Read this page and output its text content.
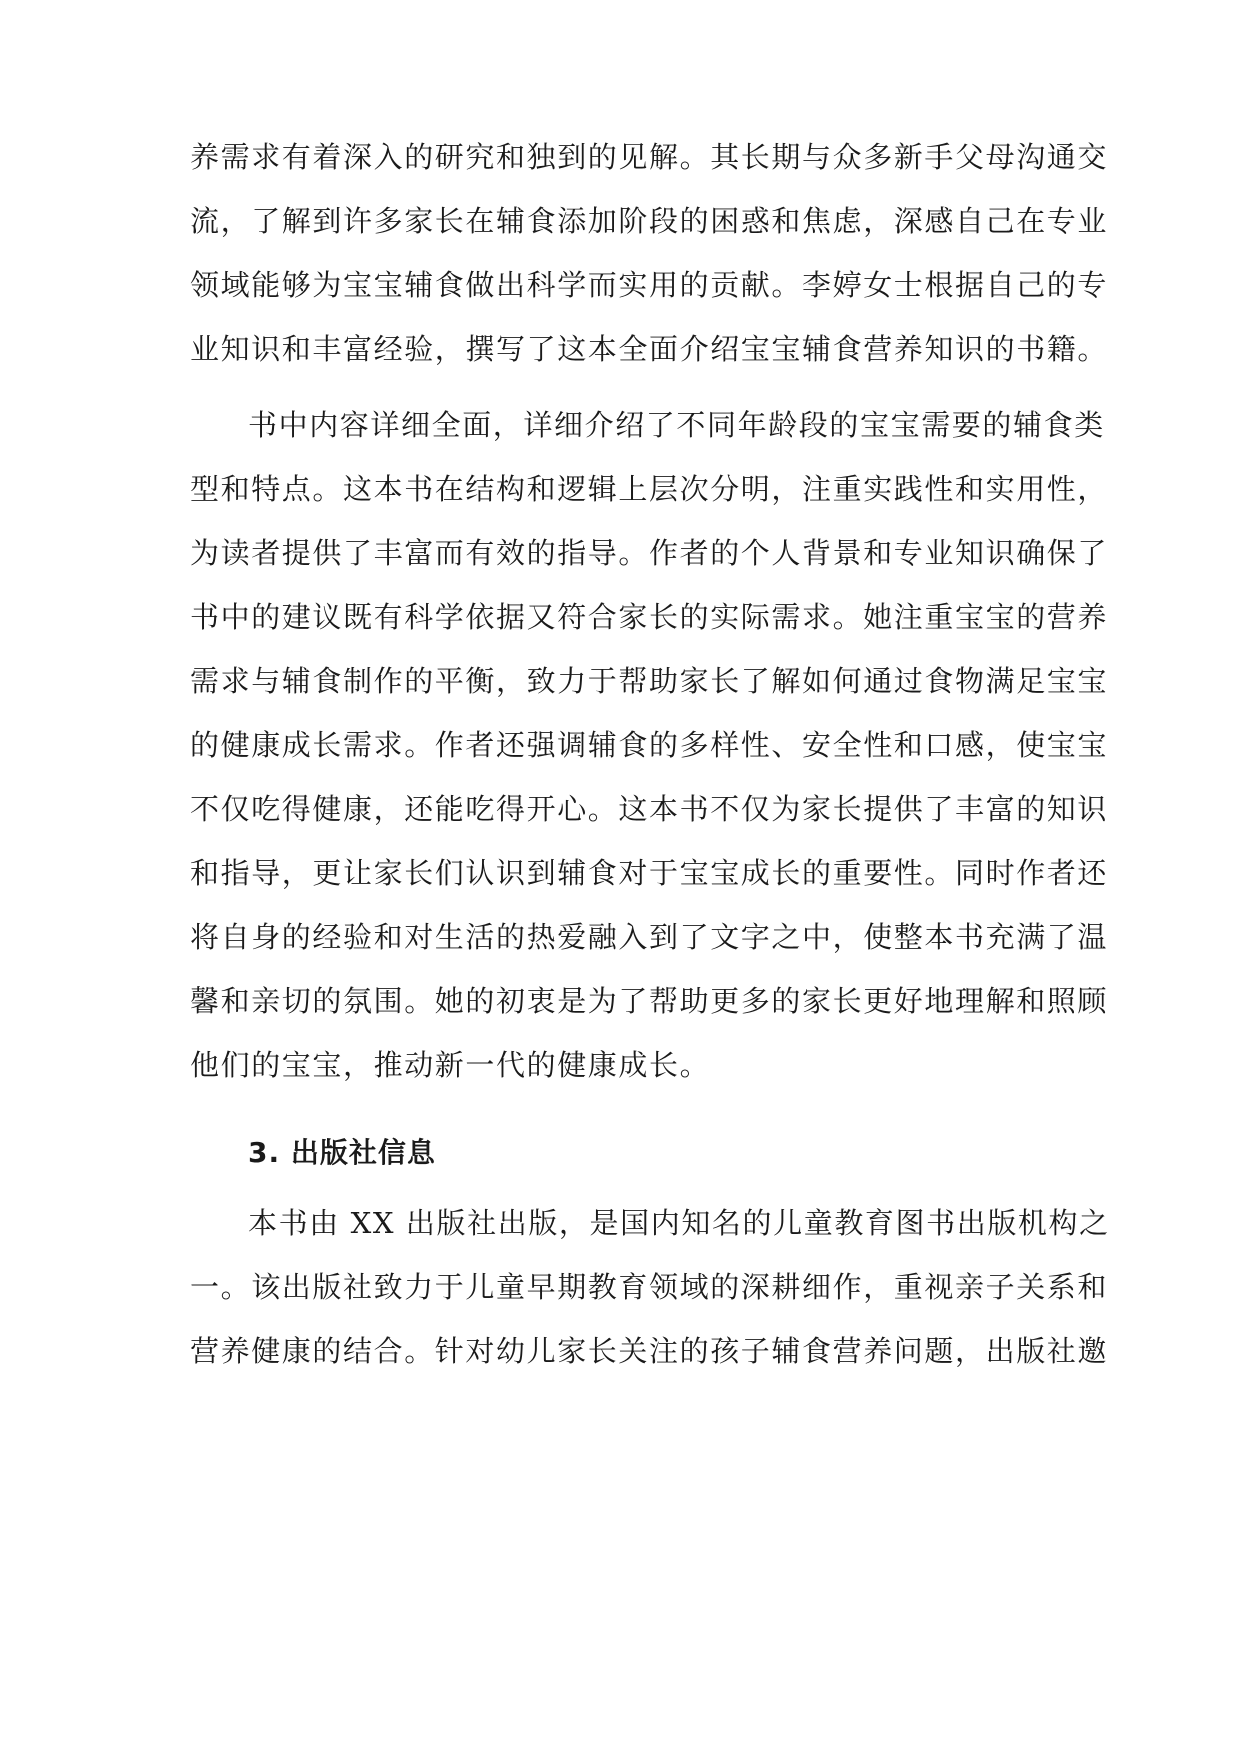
养需求有着深入的研究和独到的见解。其长期与众多新手父母沟通交
流，了解到许多家长在辅食添加阶段的困惑和焦虑，深感自己在专业
领域能够为宝宝辅食做出科学而实用的贡献。李婷女士根据自己的专
业知识和丰富经验，撰写了这本全面介绍宝宝辅食营养知识的书籍。
书中内容详细全面，详细介绍了不同年龄段的宝宝需要的辅食类
型和特点。这本书在结构和逻辑上层次分明，注重实践性和实用性，
为读者提供了丰富而有效的指导。作者的个人背景和专业知识确保了
书中的建议既有科学依据又符合家长的实际需求。她注重宝宝的营养
需求与辅食制作的平衡，致力于帮助家长了解如何通过食物满足宝宝
的健康成长需求。作者还强调辅食的多样性、安全性和口感，使宝宝
不仅吃得健康，还能吃得开心。这本书不仅为家长提供了丰富的知识
和指导，更让家长们认识到辅食对于宝宝成长的重要性。同时作者还
将自身的经验和对生活的热爱融入到了文字之中，使整本书充满了温
馨和亲切的氛围。她的初衷是为了帮助更多的家长更好地理解和照顾
他们的宝宝，推动新一代的健康成长。
3. 出版社信息
本书由 XX 出版社出版，是国内知名的儿童教育图书出版机构之
一。该出版社致力于儿童早期教育领域的深耕细作，重视亲子关系和
营养健康的结合。针对幼儿家长关注的孩子辅食营养问题，出版社邀
